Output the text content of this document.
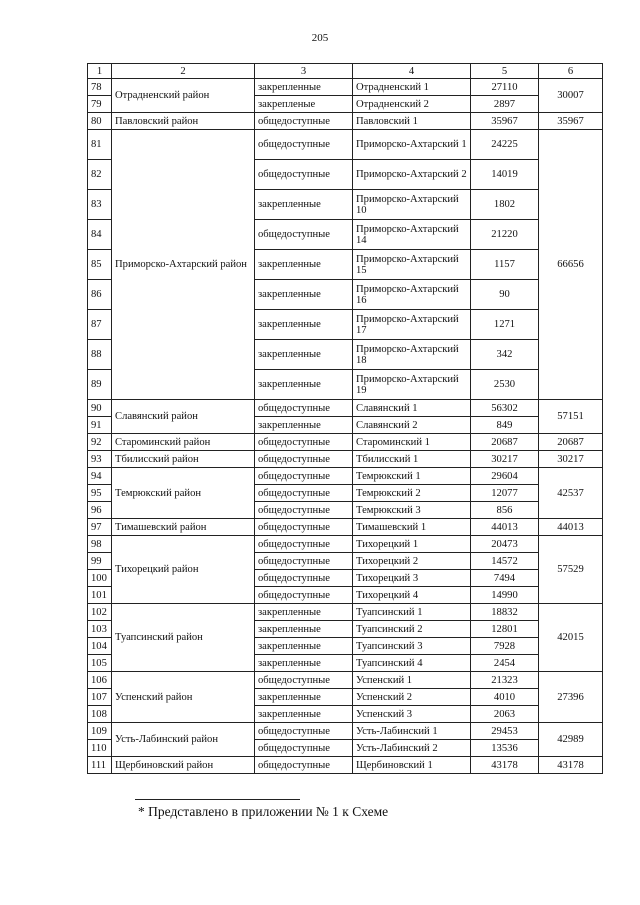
205
1	2	3	4	5	6
78	Отрадненский район	закрепленные	Отрадненский 1	27110	30007
79		закрепленые	Отрадненский 2	2897	
80	Павловский район	общедоступные	Павловский 1	35967	35967
81	Приморско-Ахтарский район	общедоступные	Приморско-Ахтарский 1	24225	66656
82		общедоступные	Приморско-Ахтарский 2	14019	
83		закрепленные	Приморско-Ахтарский 10	1802	
84		общедоступные	Приморско-Ахтарский 14	21220	
85		закрепленные	Приморско-Ахтарский 15	1157	
86		закрепленные	Приморско-Ахтарский 16	90	
87		закрепленные	Приморско-Ахтарский 17	1271	
88		закрепленные	Приморско-Ахтарский 18	342	
89		закрепленные	Приморско-Ахтарский 19	2530	
90	Славянский район	общедоступные	Славянский 1	56302	57151
91		закрепленные	Славянский 2	849	
92	Староминский район	общедоступные	Староминский 1	20687	20687
93	Тбилисский район	общедоступные	Тбилисский 1	30217	30217
94	Темрюкский район	общедоступные	Темрюкский 1	29604	42537
95		общедоступные	Темрюкский 2	12077	
96		общедоступные	Темрюкский 3	856	
97	Тимашевский район	общедоступные	Тимашевский 1	44013	44013
98	Тихорецкий район	общедоступные	Тихорецкий 1	20473	57529
99		общедоступные	Тихорецкий 2	14572	
100		общедоступные	Тихорецкий 3	7494	
101		общедоступные	Тихорецкий 4	14990	
102	Туапсинский район	закрепленные	Туапсинский 1	18832	42015
103		закрепленные	Туапсинский 2	12801	
104		закрепленные	Туапсинский 3	7928	
105		закрепленные	Туапсинский 4	2454	
106	Успенский район	общедоступные	Успенский 1	21323	27396
107		закрепленные	Успенский 2	4010	
108		закрепленные	Успенский 3	2063	
109	Усть-Лабинский район	общедоступные	Усть-Лабинский 1	29453	42989
110		общедоступные	Усть-Лабинский 2	13536	
111	Щербиновский район	общедоступные	Щербиновский 1	43178	43178
* Представлено в приложении № 1 к Схеме
